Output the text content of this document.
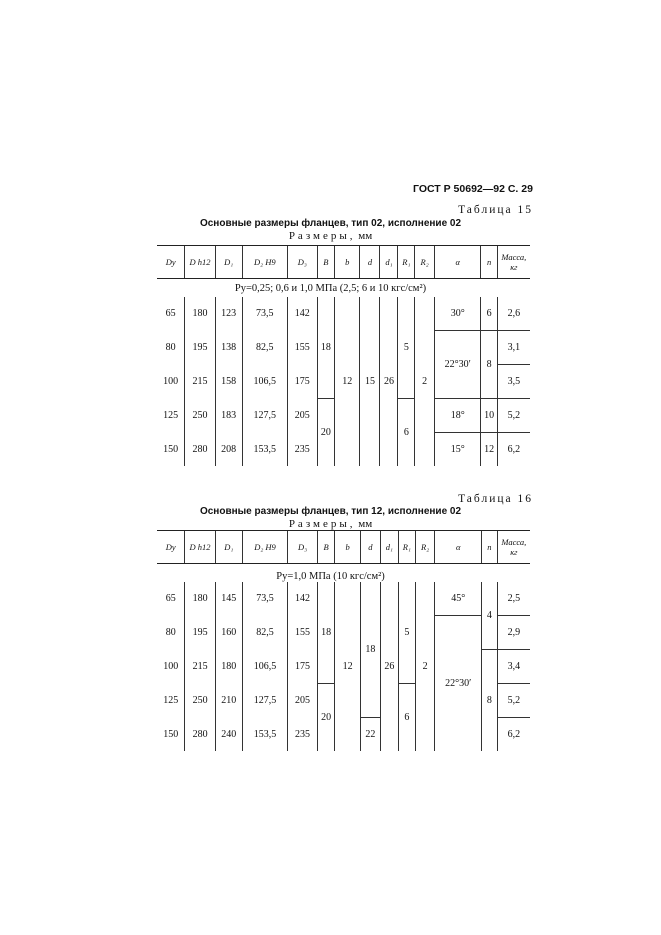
ГОСТ Р 50692—92 С. 29
Таблица 15
Основные размеры фланцев, тип 02, исполнение 02
Размеры, мм
Pу=0,25; 0,6 и 1,0 МПа (2,5; 6 и 10 кгс/см²)
Dу	D h12	D₁	D₂ H9	D₃	B	b	d	d₁	R₁	R₂	α	n	Масса, кг

65	180	123	73,5	142	18	12	15	26	5	2	30°	6	2,6
80	195	138	82,5	155							22°30′	8	3,1
100	215	158	106,5	175									3,5
125	250	183	127,5	205	20				6		18°	10	5,2
150	280	208	153,5	235							15°	12	6,2
Таблица 16
Основные размеры фланцев, тип 12, исполнение 02
Размеры, мм
Pу=1,0 МПа (10 кгс/см²)
Dу	D h12	D₁	D₂ H9	D₃	B	b	d	d₁	R₁	R₂	α	n	Масса, кг

65	180	145	73,5	142	18	12	18	26	5	2	45°	4	2,5
80	195	160	82,5	155							22°30′		2,9
100	215	180	106,5	175								8	3,4
125	250	210	127,5	205	20				6				5,2
150	280	240	153,5	235			22						6,2
